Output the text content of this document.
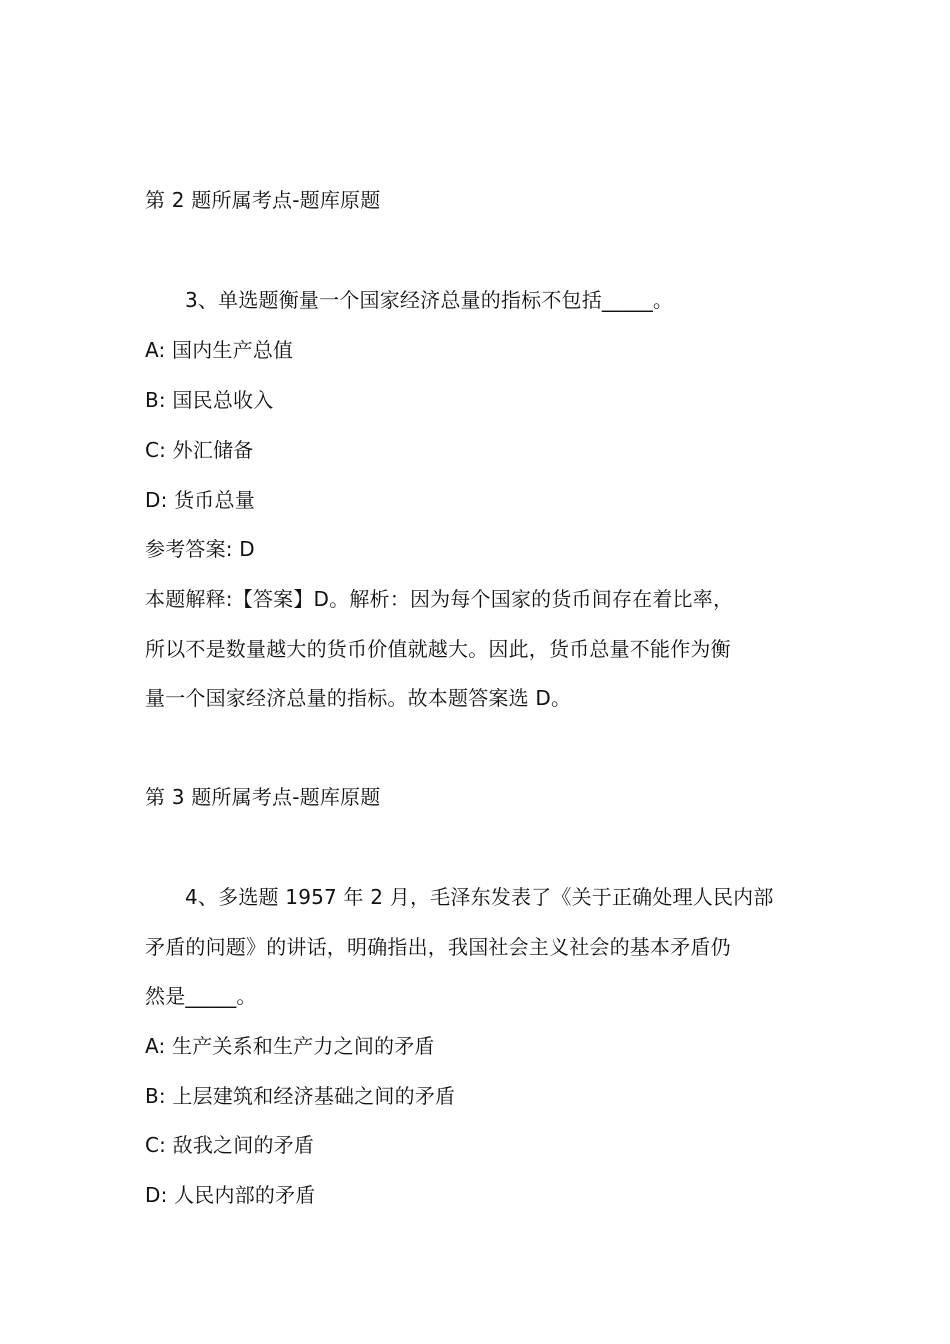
第 2 题所属考点-题库原题
3、单选题衡量一个国家经济总量的指标不包括_____。
A: 国内生产总值
B: 国民总收入
C: 外汇储备
D: 货币总量
参考答案: D
本题解释:【答案】D。解析：因为每个国家的货币间存在着比率，
所以不是数量越大的货币价值就越大。因此，货币总量不能作为衡
量一个国家经济总量的指标。故本题答案选 D。
第 3 题所属考点-题库原题
4、多选题 1957 年 2 月，毛泽东发表了《关于正确处理人民内部
矛盾的问题》的讲话，明确指出，我国社会主义社会的基本矛盾仍
然是_____。
A: 生产关系和生产力之间的矛盾
B: 上层建筑和经济基础之间的矛盾
C: 敌我之间的矛盾
D: 人民内部的矛盾
